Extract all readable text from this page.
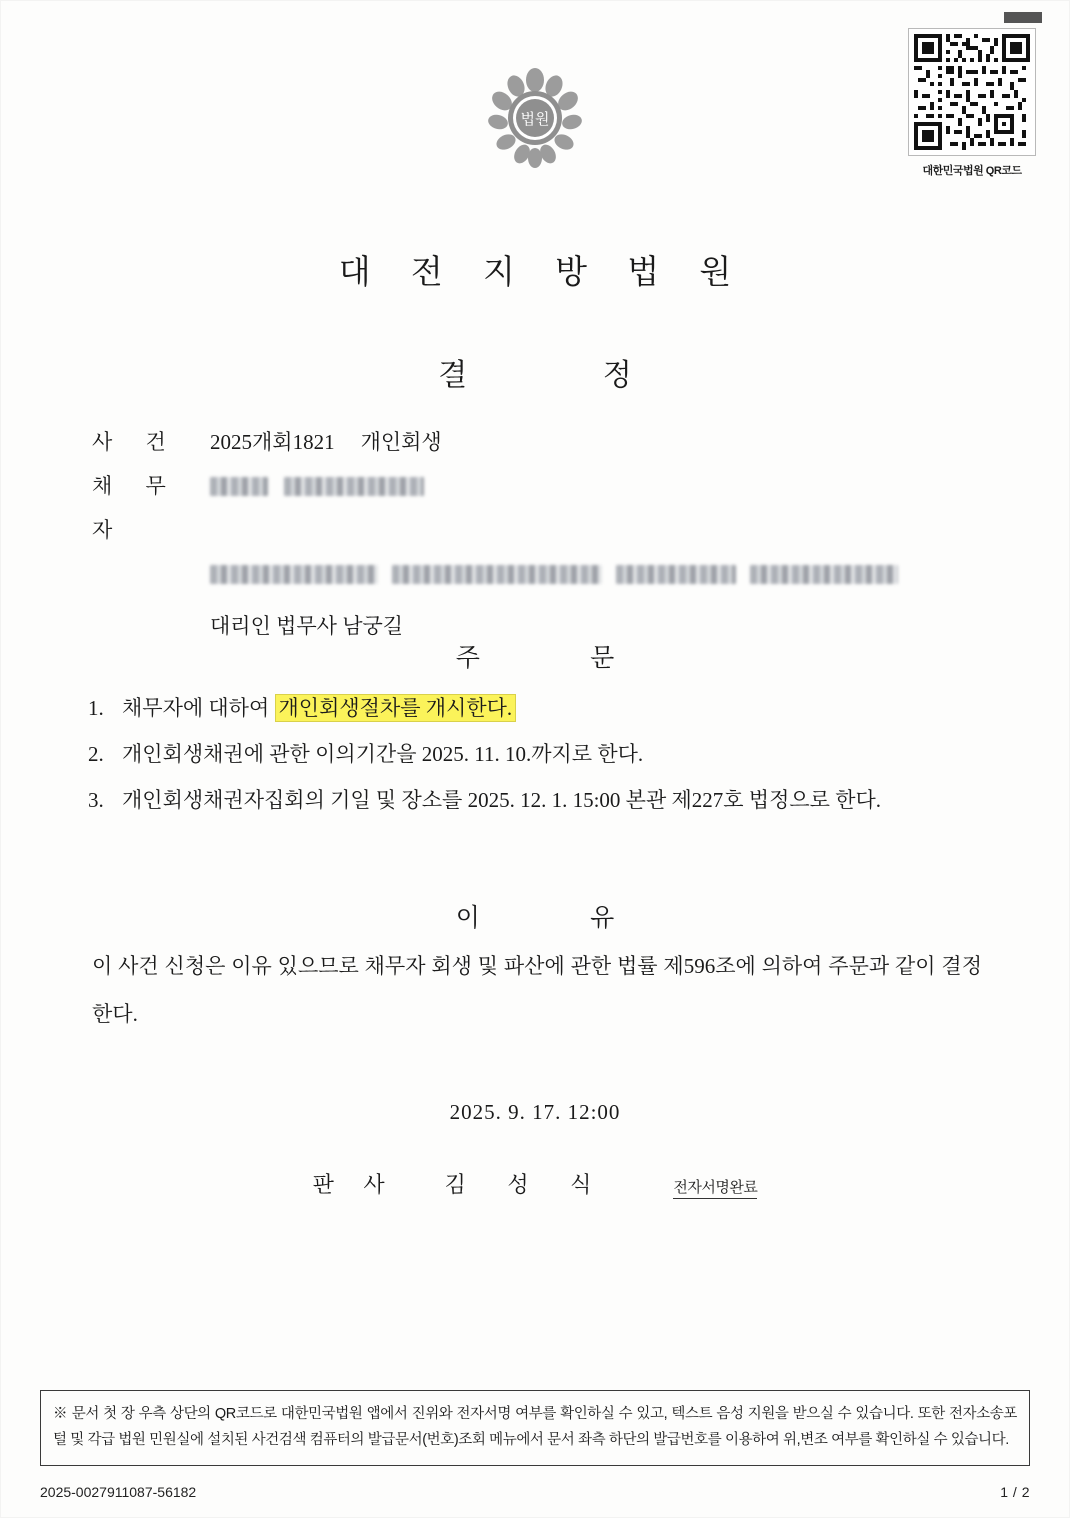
대한민국법원 QR코드
법원
대 전 지 방 법 원
결 정
사 건	2025개회1821 개인회생
채 무 자
대리인 법무사 남궁길
주 문
1. 채무자에 대하여 개인회생절차를 개시한다.
2. 개인회생채권에 관한 이의기간을 2025. 11. 10.까지로 한다.
3. 개인회생채권자집회의 기일 및 장소를 2025. 12. 1. 15:00 본관 제227호 법정으로 한다.
이 유
이 사건 신청은 이유 있으므로 채무자 회생 및 파산에 관한 법률 제596조에 의하여 주문과 같이 결정한다.
2025. 9. 17. 12:00
판 사 김 성 식	전자서명완료
※ 문서 첫 장 우측 상단의 QR코드로 대한민국법원 앱에서 진위와 전자서명 여부를 확인하실 수 있고, 텍스트 음성 지원을 받으실 수 있습니다. 또한 전자소송포털 및 각급 법원 민원실에 설치된 사건검색 컴퓨터의 발급문서(번호)조회 메뉴에서 문서 좌측 하단의 발급번호를 이용하여 위,변조 여부를 확인하실 수 있습니다.
2025-0027911087-56182	1 / 2
